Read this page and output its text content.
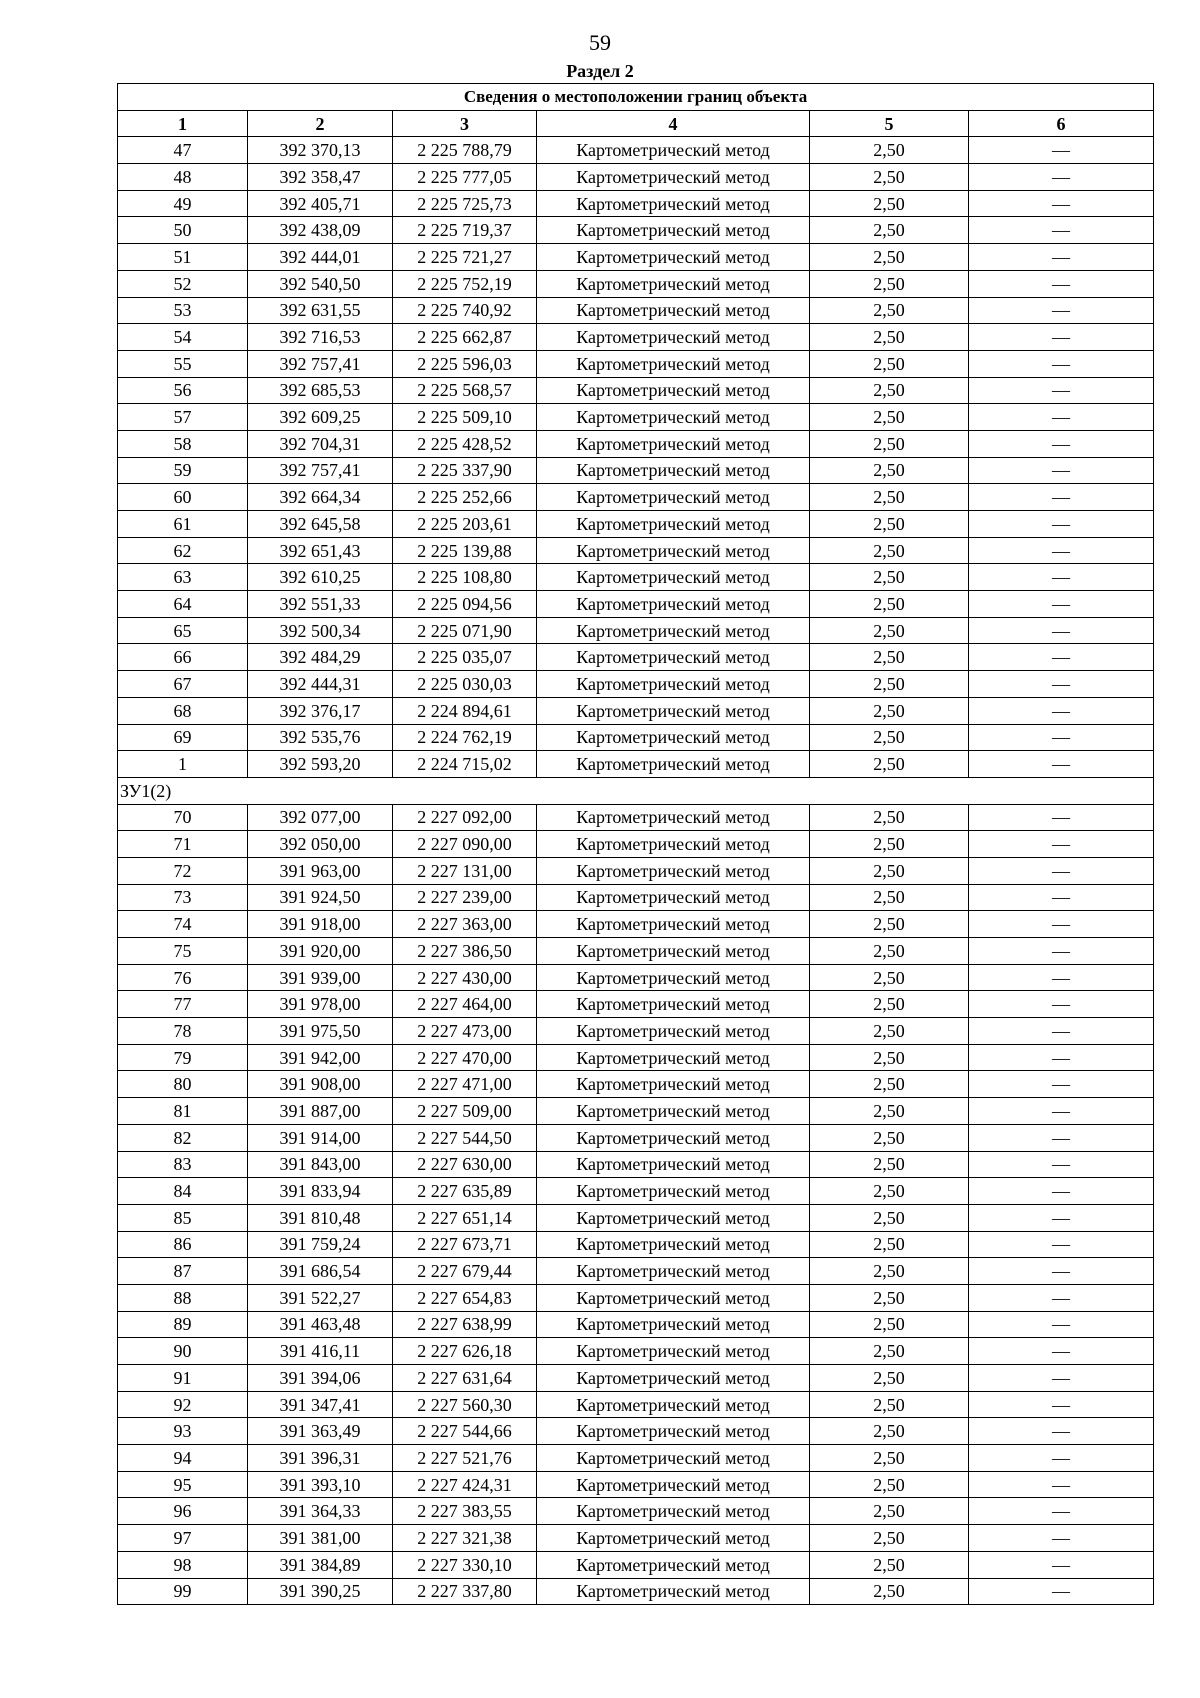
59
Раздел 2
Сведения о местоположении границ объекта					
1	2	3	4	5	6
47	392 370,13	2 225 788,79	Картометрический метод	2,50	—
48	392 358,47	2 225 777,05	Картометрический метод	2,50	—
49	392 405,71	2 225 725,73	Картометрический метод	2,50	—
50	392 438,09	2 225 719,37	Картометрический метод	2,50	—
51	392 444,01	2 225 721,27	Картометрический метод	2,50	—
52	392 540,50	2 225 752,19	Картометрический метод	2,50	—
53	392 631,55	2 225 740,92	Картометрический метод	2,50	—
54	392 716,53	2 225 662,87	Картометрический метод	2,50	—
55	392 757,41	2 225 596,03	Картометрический метод	2,50	—
56	392 685,53	2 225 568,57	Картометрический метод	2,50	—
57	392 609,25	2 225 509,10	Картометрический метод	2,50	—
58	392 704,31	2 225 428,52	Картометрический метод	2,50	—
59	392 757,41	2 225 337,90	Картометрический метод	2,50	—
60	392 664,34	2 225 252,66	Картометрический метод	2,50	—
61	392 645,58	2 225 203,61	Картометрический метод	2,50	—
62	392 651,43	2 225 139,88	Картометрический метод	2,50	—
63	392 610,25	2 225 108,80	Картометрический метод	2,50	—
64	392 551,33	2 225 094,56	Картометрический метод	2,50	—
65	392 500,34	2 225 071,90	Картометрический метод	2,50	—
66	392 484,29	2 225 035,07	Картометрический метод	2,50	—
67	392 444,31	2 225 030,03	Картометрический метод	2,50	—
68	392 376,17	2 224 894,61	Картометрический метод	2,50	—
69	392 535,76	2 224 762,19	Картометрический метод	2,50	—
1	392 593,20	2 224 715,02	Картометрический метод	2,50	—
ЗУ1(2)					
70	392 077,00	2 227 092,00	Картометрический метод	2,50	—
71	392 050,00	2 227 090,00	Картометрический метод	2,50	—
72	391 963,00	2 227 131,00	Картометрический метод	2,50	—
73	391 924,50	2 227 239,00	Картометрический метод	2,50	—
74	391 918,00	2 227 363,00	Картометрический метод	2,50	—
75	391 920,00	2 227 386,50	Картометрический метод	2,50	—
76	391 939,00	2 227 430,00	Картометрический метод	2,50	—
77	391 978,00	2 227 464,00	Картометрический метод	2,50	—
78	391 975,50	2 227 473,00	Картометрический метод	2,50	—
79	391 942,00	2 227 470,00	Картометрический метод	2,50	—
80	391 908,00	2 227 471,00	Картометрический метод	2,50	—
81	391 887,00	2 227 509,00	Картометрический метод	2,50	—
82	391 914,00	2 227 544,50	Картометрический метод	2,50	—
83	391 843,00	2 227 630,00	Картометрический метод	2,50	—
84	391 833,94	2 227 635,89	Картометрический метод	2,50	—
85	391 810,48	2 227 651,14	Картометрический метод	2,50	—
86	391 759,24	2 227 673,71	Картометрический метод	2,50	—
87	391 686,54	2 227 679,44	Картометрический метод	2,50	—
88	391 522,27	2 227 654,83	Картометрический метод	2,50	—
89	391 463,48	2 227 638,99	Картометрический метод	2,50	—
90	391 416,11	2 227 626,18	Картометрический метод	2,50	—
91	391 394,06	2 227 631,64	Картометрический метод	2,50	—
92	391 347,41	2 227 560,30	Картометрический метод	2,50	—
93	391 363,49	2 227 544,66	Картометрический метод	2,50	—
94	391 396,31	2 227 521,76	Картометрический метод	2,50	—
95	391 393,10	2 227 424,31	Картометрический метод	2,50	—
96	391 364,33	2 227 383,55	Картометрический метод	2,50	—
97	391 381,00	2 227 321,38	Картометрический метод	2,50	—
98	391 384,89	2 227 330,10	Картометрический метод	2,50	—
99	391 390,25	2 227 337,80	Картометрический метод	2,50	—
